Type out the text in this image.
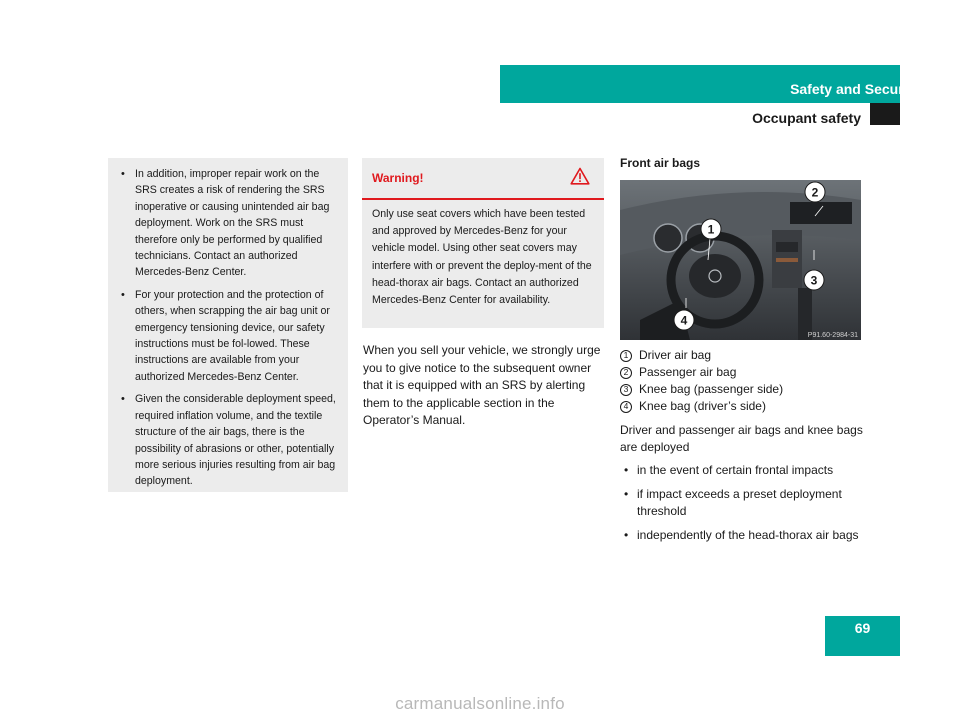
Safety and Security
Occupant safety
• In addition, improper repair work on the SRS creates a risk of rendering the SRS inoperative or causing unintended air bag deployment. Work on the SRS must therefore only be performed by qualified technicians. Contact an authorized Mercedes-Benz Center.
• For your protection and the protection of others, when scrapping the air bag unit or emergency tensioning device, our safety instructions must be fol-lowed. These instructions are available from your authorized Mercedes-Benz Center.
• Given the considerable deployment speed, required inflation volume, and the textile structure of the air bags, there is the possibility of abrasions or other, potentially more serious injuries resulting from air bag deployment.
Warning!
Only use seat covers which have been tested and approved by Mercedes-Benz for your vehicle model. Using other seat covers may interfere with or prevent the deploy-ment of the head-thorax air bags. Contact an authorized Mercedes-Benz Center for availability.
When you sell your vehicle, we strongly urge you to give notice to the subsequent owner that it is equipped with an SRS by alerting them to the applicable section in the Operator’s Manual.
Front air bags
1
2
3
4
P91.60-2984-31
1 Driver air bag
2 Passenger air bag
3 Knee bag (passenger side)
4 Knee bag (driver’s side)
Driver and passenger air bags and knee bags are deployed
• in the event of certain frontal impacts
• if impact exceeds a preset deployment threshold
• independently of the head-thorax air bags
69
carmanualsonline.info
